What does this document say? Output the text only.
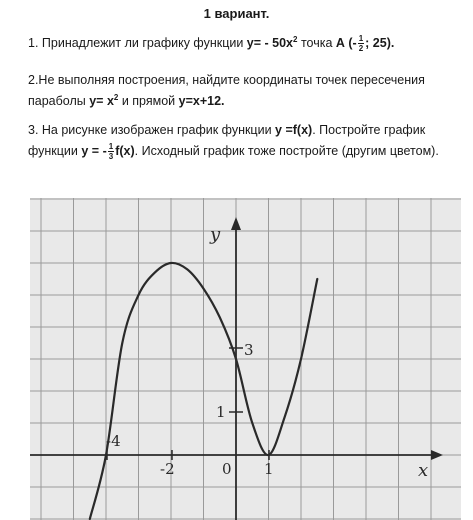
1 вариант.
1. Принадлежит ли графику функции $y= - 50x^2$ точка А (- $\frac{1}{2}$ ; 25).
2.Не выполняя построения, найдите координаты точек пересечения параболы $y= x^2$ и прямой y=x+12.
3. На рисунке изображен график функции y =f(x). Постройте график функции y = - $\frac{1}{3} f(x)$. Исходный график тоже постройте (другим цветом).
y
x
-4
-2	0 1
1
3
